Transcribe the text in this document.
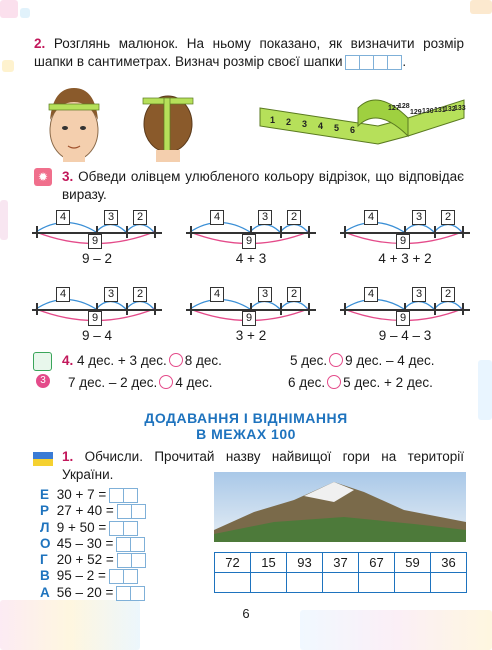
2. Розглянь малюнок. На ньому показано, як визначити розмір шапки в сантиметрах. Визнач розмір своєї шапки	.
1 2 3 4 5 6
127
128
129 130 131
132
133
✹ 3. Обведи олівцем улюбленого кольору відрізок, що відповідає виразу.
4	3	2
9
9 – 2
4	3	2
9
4 + 3
4	3	2
9
4 + 3 + 2
4	3	2
9
9 – 4
4	3	2
9
3 + 2
4	3	2
9
9 – 4 – 3
3
4. 4 дес. + 3 дес. 8 дес.	5 дес. 9 дес. – 4 дес.
7 дес. – 2 дес. 4 дес.	6 дес. 5 дес. + 2 дес.
ДОДАВАННЯ І ВІДНІМАННЯ
В МЕЖАХ 100
1. Обчисли. Прочитай назву найвищої гори на території України.
Е 30 + 7 =
Р 27 + 40 =
Л 9 + 50 =
О 45 – 30 =
Г 20 + 52 =
В 95 – 2 =
А 56 – 20 =
72	15	93	37	67	59	36

6
